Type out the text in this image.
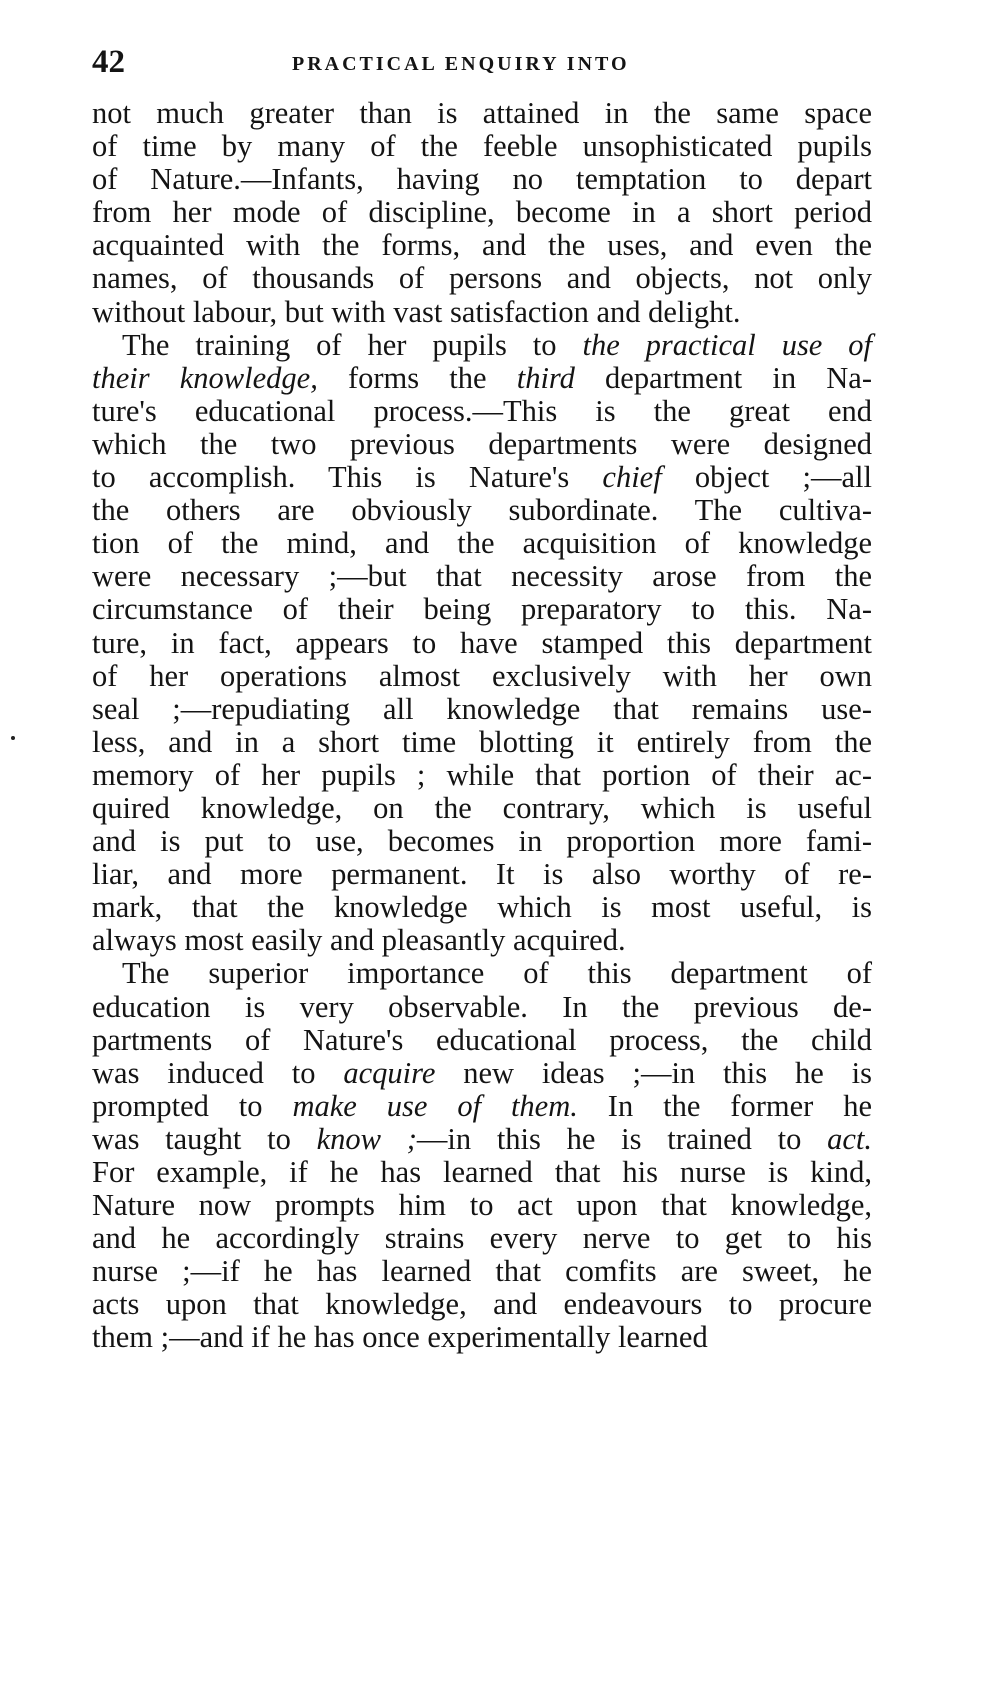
42	PRACTICAL ENQUIRY INTO
not much greater than is attained in the same space
of time by many of the feeble unsophisticated pupils
of Nature.—Infants, having no temptation to depart
from her mode of discipline, become in a short period
acquainted with the forms, and the uses, and even the
names, of thousands of persons and objects, not only
without labour, but with vast satisfaction and delight.
The training of her pupils to the practical use of
their knowledge, forms the third department in Na-
ture's educational process.—This is the great end
which the two previous departments were designed
to accomplish. This is Nature's chief object ;—all
the others are obviously subordinate. The cultiva-
tion of the mind, and the acquisition of knowledge
were necessary ;—but that necessity arose from the
circumstance of their being preparatory to this. Na-
ture, in fact, appears to have stamped this department
of her operations almost exclusively with her own
seal ;—repudiating all knowledge that remains use-
less, and in a short time blotting it entirely from the
memory of her pupils ; while that portion of their ac-
quired knowledge, on the contrary, which is useful
and is put to use, becomes in proportion more fami-
liar, and more permanent. It is also worthy of re-
mark, that the knowledge which is most useful, is
always most easily and pleasantly acquired.
The superior importance of this department of
education is very observable. In the previous de-
partments of Nature's educational process, the child
was induced to acquire new ideas ;—in this he is
prompted to make use of them. In the former he
was taught to know ;—in this he is trained to act.
For example, if he has learned that his nurse is kind,
Nature now prompts him to act upon that knowledge,
and he accordingly strains every nerve to get to his
nurse ;—if he has learned that comfits are sweet, he
acts upon that knowledge, and endeavours to procure
them ;—and if he has once experimentally learned
